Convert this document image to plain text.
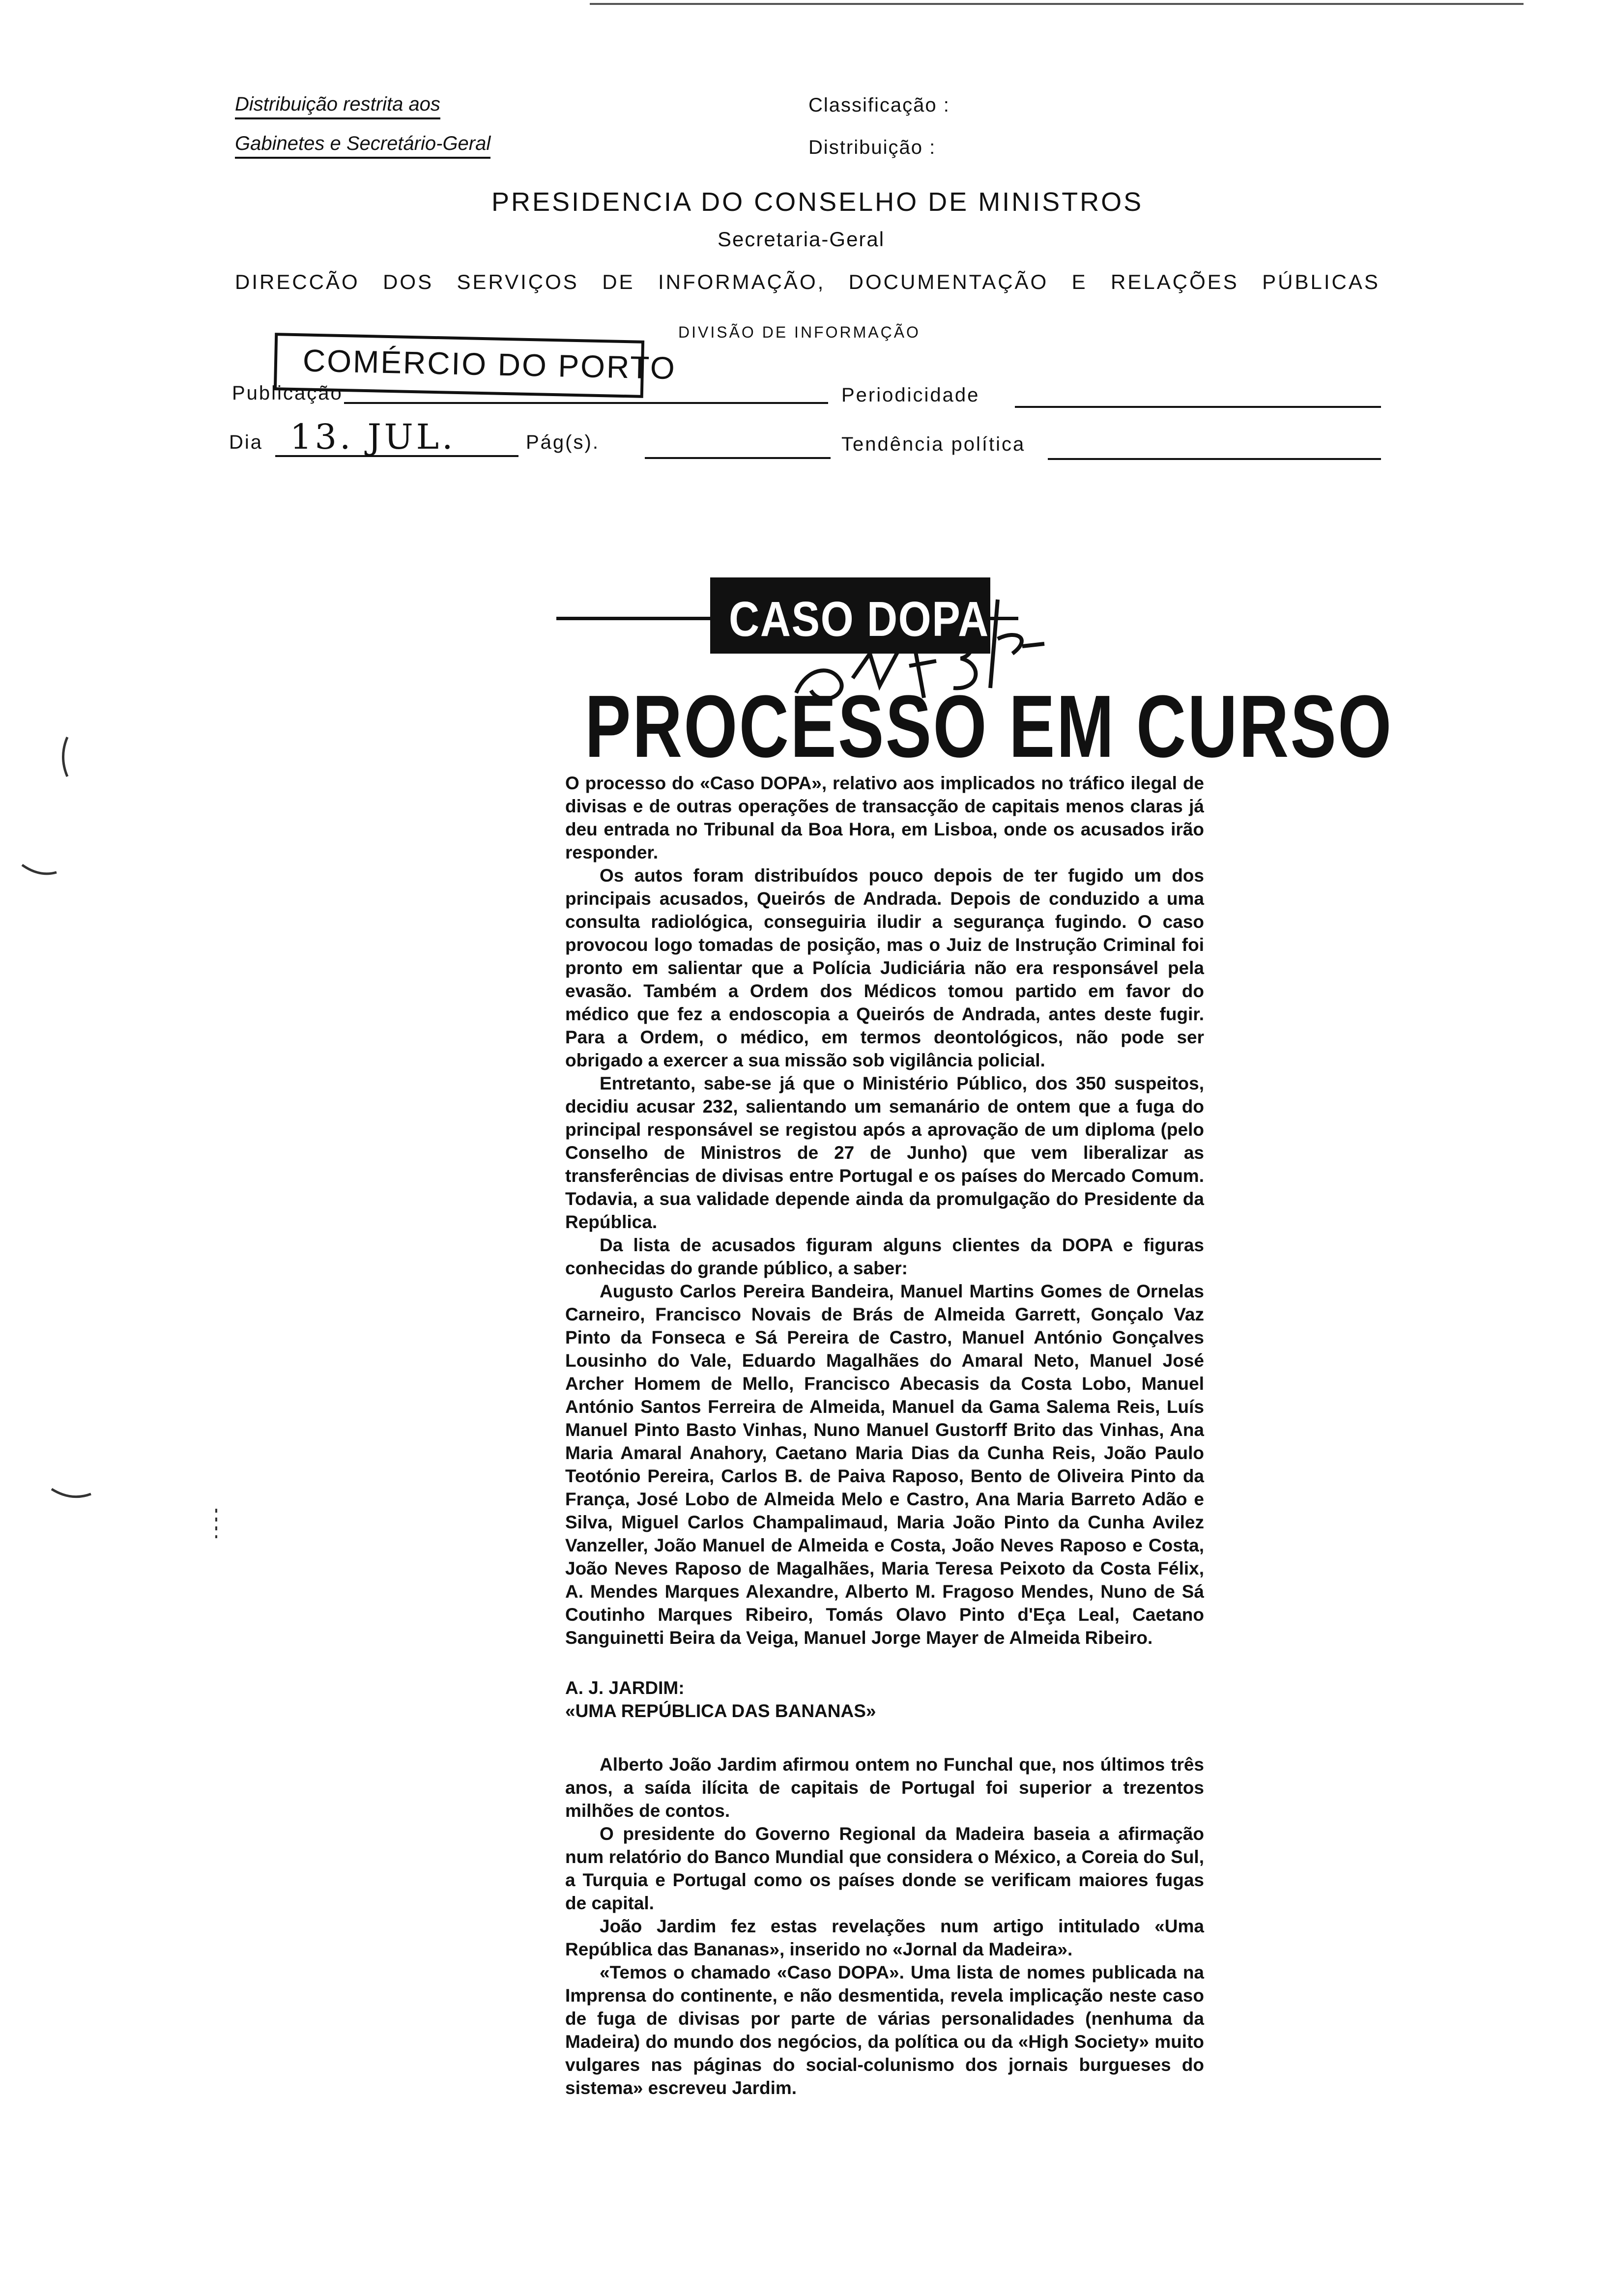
Distribuição restrita aos
Gabinetes e Secretário-Geral
Classificação :
Distribuição :
PRESIDENCIA DO CONSELHO DE MINISTROS
Secretaria-Geral
DIRECCÃO DOS SERVIÇOS DE INFORMAÇÃO, DOCUMENTAÇÃO E RELAÇÕES PÚBLICAS
DIVISÃO DE INFORMAÇÃO
COMÉRCIO DO PORTO
Publicação	Periodicidade
Dia 13. JUL.	Pág(s).	Tendência política
CASO DOPA
PROCESSO EM CURSO

O processo do «Caso DOPA», relativo aos implicados no tráfico ilegal de divisas e de outras operações de transacção de capitais menos claras já deu entrada no Tribunal da Boa Hora, em Lisboa, onde os acusados irão responder.

Os autos foram distribuídos pouco depois de ter fugido um dos principais acusados, Queirós de Andrada. Depois de conduzido a uma consulta radiológica, conseguiria iludir a segurança fugindo. O caso provocou logo tomadas de posição, mas o Juiz de Instrução Criminal foi pronto em salientar que a Polícia Judiciária não era responsável pela evasão. Também a Ordem dos Médicos tomou partido em favor do médico que fez a endoscopia a Queirós de Andrada, antes deste fugir. Para a Ordem, o médico, em termos deontológicos, não pode ser obrigado a exercer a sua missão sob vigilância policial.

Entretanto, sabe-se já que o Ministério Público, dos 350 suspeitos, decidiu acusar 232, salientando um semanário de ontem que a fuga do principal responsável se registou após a aprovação de um diploma (pelo Conselho de Ministros de 27 de Junho) que vem liberalizar as transferências de divisas entre Portugal e os países do Mercado Comum. Todavia, a sua validade depende ainda da promulgação do Presidente da República.

Da lista de acusados figuram alguns clientes da DOPA e figuras conhecidas do grande público, a saber:

Augusto Carlos Pereira Bandeira, Manuel Martins Gomes de Ornelas Carneiro, Francisco Novais de Brás de Almeida Garrett, Gonçalo Vaz Pinto da Fonseca e Sá Pereira de Castro, Manuel António Gonçalves Lousinho do Vale, Eduardo Magalhães do Amaral Neto, Manuel José Archer Homem de Mello, Francisco Abecasis da Costa Lobo, Manuel António Santos Ferreira de Almeida, Manuel da Gama Salema Reis, Luís Manuel Pinto Basto Vinhas, Nuno Manuel Gustorff Brito das Vinhas, Ana Maria Amaral Anahory, Caetano Maria Dias da Cunha Reis, João Paulo Teotónio Pereira, Carlos B. de Paiva Raposo, Bento de Oliveira Pinto da França, José Lobo de Almeida Melo e Castro, Ana Maria Barreto Adão e Silva, Miguel Carlos Champalimaud, Maria João Pinto da Cunha Avilez Vanzeller, João Manuel de Almeida e Costa, João Neves Raposo e Costa, João Neves Raposo de Magalhães, Maria Teresa Peixoto da Costa Félix, A. Mendes Marques Alexandre, Alberto M. Fragoso Mendes, Nuno de Sá Coutinho Marques Ribeiro, Tomás Olavo Pinto d'Eça Leal, Caetano Sanguinetti Beira da Veiga, Manuel Jorge Mayer de Almeida Ribeiro.

A. J. JARDIM:

«UMA REPÚBLICA DAS BANANAS»

Alberto João Jardim afirmou ontem no Funchal que, nos últimos três anos, a saída ilícita de capitais de Portugal foi superior a trezentos milhões de contos.

O presidente do Governo Regional da Madeira baseia a afirmação num relatório do Banco Mundial que considera o México, a Coreia do Sul, a Turquia e Portugal como os países donde se verificam maiores fugas de capital.

João Jardim fez estas revelações num artigo intitulado «Uma República das Bananas», inserido no «Jornal da Madeira».

«Temos o chamado «Caso DOPA». Uma lista de nomes publicada na Imprensa do continente, e não desmentida, revela implicação neste caso de fuga de divisas por parte de várias personalidades (nenhuma da Madeira) do mundo dos negócios, da política ou da «High Society» muito vulgares nas páginas do social-colunismo dos jornais burgueses do sistema» escreveu Jardim.
